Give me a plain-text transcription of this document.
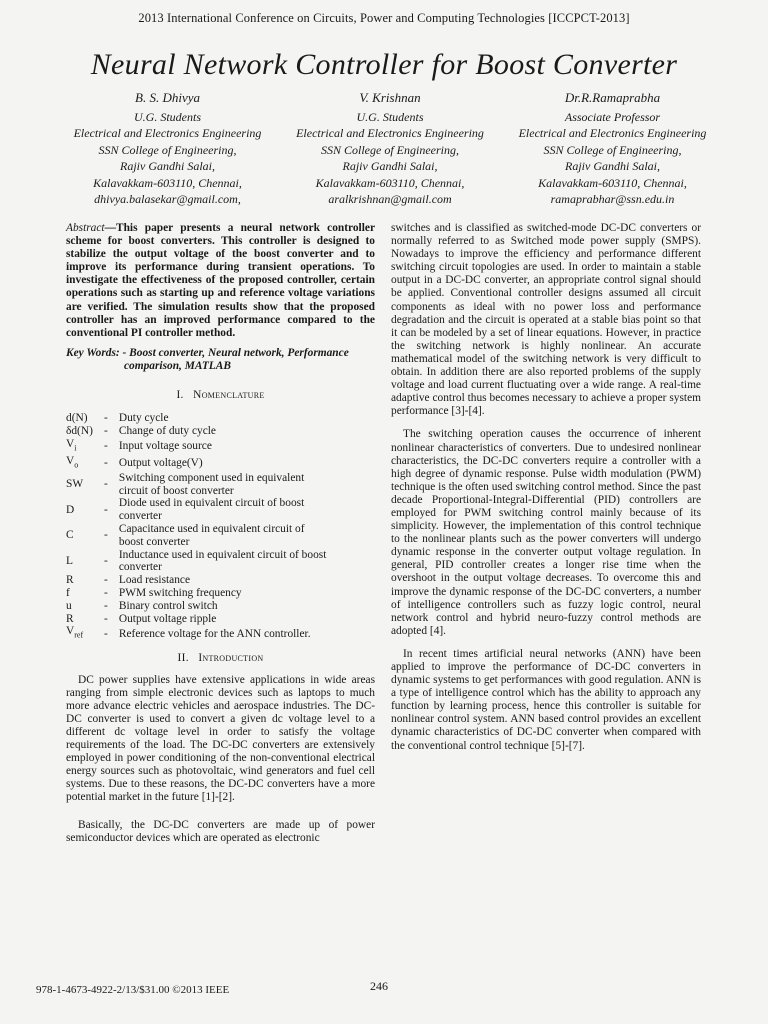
2013 International Conference on Circuits, Power and Computing Technologies [ICCPCT-2013]
Neural Network Controller for Boost Converter
B. S. Dhivya
U.G. Students
Electrical and Electronics Engineering
SSN College of Engineering,
Rajiv Gandhi Salai,
Kalavakkam-603110, Chennai,
dhivya.balasekar@gmail.com,
V. Krishnan
U.G. Students
Electrical and Electronics Engineering
SSN College of Engineering,
Rajiv Gandhi Salai,
Kalavakkam-603110, Chennai,
aralkrishnan@gmail.com
Dr.R.Ramaprabha
Associate Professor
Electrical and Electronics Engineering
SSN College of Engineering,
Rajiv Gandhi Salai,
Kalavakkam-603110, Chennai,
ramaprabhar@ssn.edu.in

Abstract—This paper presents a neural network controller scheme for boost converters. This controller is designed to stabilize the output voltage of the boost converter and to improve its performance during transient operations. To investigate the effectiveness of the proposed controller, certain operations such as starting up and reference voltage variations are verified. The simulation results show that the proposed controller has an improved performance compared to the conventional PI controller method.

Key Words: - Boost converter, Neural network, Performance
comparison, MATLAB
I. Nomenclature
d(N)	-	Duty cycle

δd(N)	-	Change of duty cycle

$V_i$	-	Input voltage source

$V_o$	-	Output voltage(V)

SW	-	Switching component used in equivalent
circuit of boost converter

D	-	Diode used in equivalent circuit of boost
converter

C	-	Capacitance used in equivalent circuit of
boost converter

L	-	Inductance used in equivalent circuit of boost
converter

R	-	Load resistance

f	-	PWM switching frequency

u	-	Binary control switch

R	-	Output voltage ripple

$V_{ref}$	-	Reference voltage for the ANN controller.
II. Introduction

DC power supplies have extensive applications in wide areas ranging from simple electronic devices such as laptops to much more advance electric vehicles and aerospace industries. The DC-DC converter is used to convert a given dc voltage level to a different dc voltage level in order to satisfy the voltage requirements of the load. The DC-DC converters are extensively employed in power conditioning of the non-conventional electrical energy sources such as photovoltaic, wind generators and fuel cell systems. Due to these reasons, the DC-DC converters have a more potential market in the future [1]-[2].

Basically, the DC-DC converters are made up of power semiconductor devices which are operated as electronic

switches and is classified as switched-mode DC-DC converters or normally referred to as Switched mode power supply (SMPS). Nowadays to improve the efficiency and performance different switching circuit topologies are used. In order to maintain a stable output in a DC-DC converter, an appropriate control signal should be applied. Conventional controller designs assumed all circuit components as ideal with no power loss and performance degradation and the circuit is operated at a stable bias point so that it can be modeled by a set of linear equations. However, in practice the switching network is highly nonlinear. An accurate mathematical model of the switching network is very difficult to obtain. In addition there are also reported problems of the supply voltage and load current fluctuating over a wide range. A real-time adaptive control thus becomes necessary to achieve a proper system performance [3]-[4].

The switching operation causes the occurrence of inherent nonlinear characteristics of converters. Due to undesired nonlinear characteristics, the DC-DC converters require a controller with a high degree of dynamic response. Pulse width modulation (PWM) technique is the often used switching control method. Since the past decade Proportional-Integral-Differential (PID) controllers are employed for PWM switching control mainly because of its simplicity. However, the implementation of this control technique to the nonlinear plants such as the power converters will undergo dynamic response in the converter output voltage regulation. In general, PID controller creates a longer rise time when the overshoot in the output voltage decreases. To overcome this and improve the dynamic response of the DC-DC converters, a number of intelligence controllers such as fuzzy logic control, neural network control and hybrid neuro-fuzzy control methods are adopted [4].

In recent times artificial neural networks (ANN) have been applied to improve the performance of DC-DC converters in dynamic systems to get performances with good regulation. ANN is a type of intelligence control which has the ability to approach any function by learning process, hence this controller is suitable for nonlinear control system. ANN based control provides an excellent dynamic characteristics of DC-DC converter when compared with the conventional control technique [5]-[7].

978-1-4673-4922-2/13/$31.00 ©2013 IEEE	246
